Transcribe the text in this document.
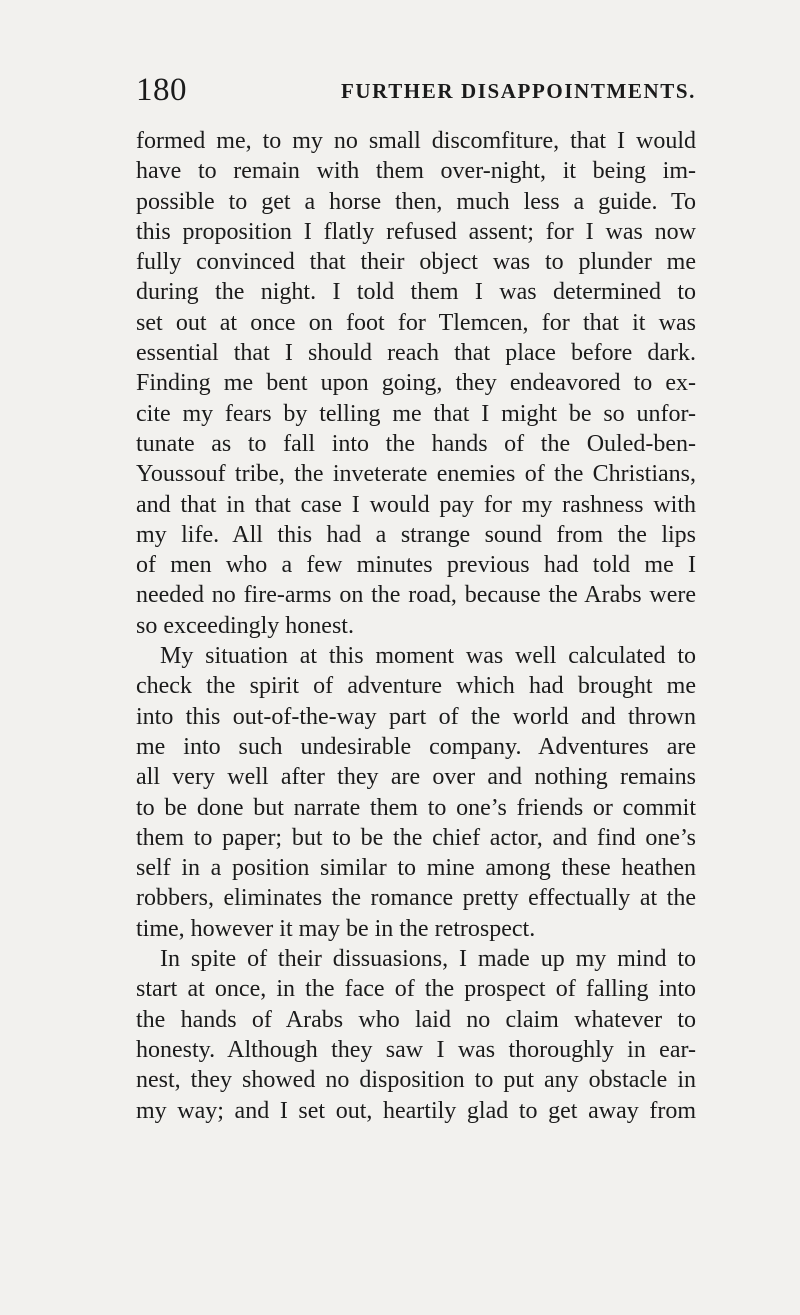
180	FURTHER DISAPPOINTMENTS.
formed me, to my no small discomfiture, that I would
have to remain with them over-night, it being im-
possible to get a horse then, much less a guide. To
this proposition I flatly refused assent; for I was now
fully convinced that their object was to plunder me
during the night. I told them I was determined to
set out at once on foot for Tlemcen, for that it was
essential that I should reach that place before dark.
Finding me bent upon going, they endeavored to ex-
cite my fears by telling me that I might be so unfor-
tunate as to fall into the hands of the Ouled-ben-
Youssouf tribe, the inveterate enemies of the Christians,
and that in that case I would pay for my rashness with
my life. All this had a strange sound from the lips
of men who a few minutes previous had told me I
needed no fire-arms on the road, because the Arabs were
so exceedingly honest.
My situation at this moment was well calculated to
check the spirit of adventure which had brought me
into this out-of-the-way part of the world and thrown
me into such undesirable company. Adventures are
all very well after they are over and nothing remains
to be done but narrate them to one’s friends or commit
them to paper; but to be the chief actor, and find one’s
self in a position similar to mine among these heathen
robbers, eliminates the romance pretty effectually at the
time, however it may be in the retrospect.
In spite of their dissuasions, I made up my mind to
start at once, in the face of the prospect of falling into
the hands of Arabs who laid no claim whatever to
honesty. Although they saw I was thoroughly in ear-
nest, they showed no disposition to put any obstacle in
my way; and I set out, heartily glad to get away from
